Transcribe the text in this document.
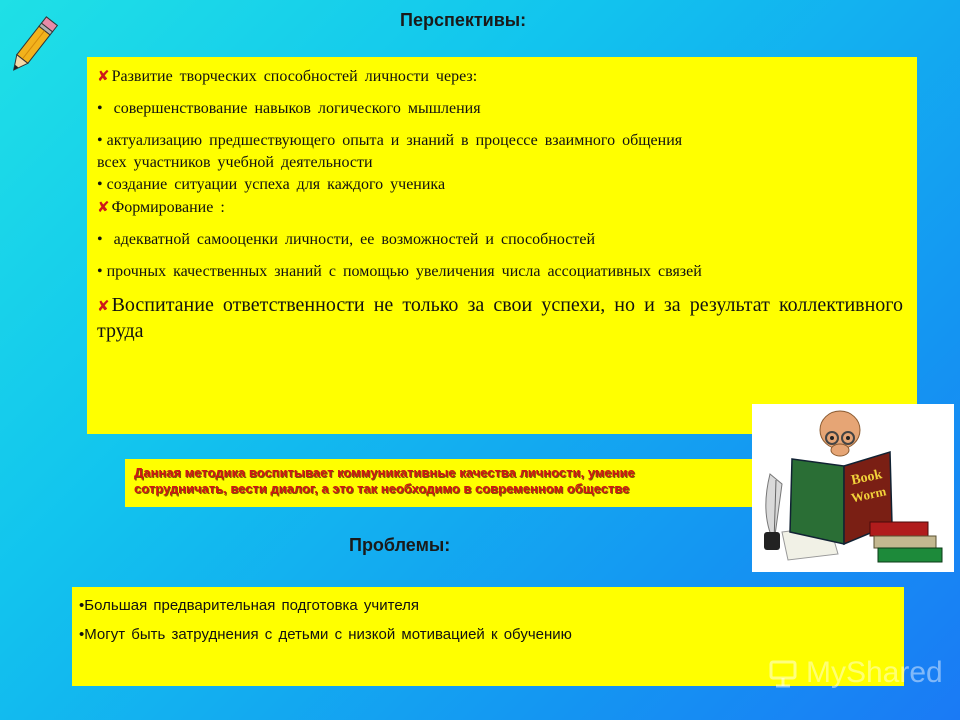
Перспективы:

✘ Развитие творческих способностей личности через:

• совершенствование навыков логического мышления

• актуализацию предшествующего опыта и знаний в процессе взаимного общения

всех участников учебной деятельности

• создание ситуации успеха для каждого ученика

✘ Формирование :

• адекватной самооценки личности, ее возможностей и способностей

• прочных качественных знаний с помощью увеличения числа ассоциативных связей

✘ Воспитание ответственности не только за свои успехи, но и за результат коллективного труда

Данная методика воспитывает коммуникативные качества личности, умение
сотрудничать, вести диалог, а это так необходимо в современном обществе
Book
Worm
Проблемы:

•Большая предварительная подготовка учителя

•Могут быть затруднения с детьми с низкой мотивацией к обучению

MyShared
